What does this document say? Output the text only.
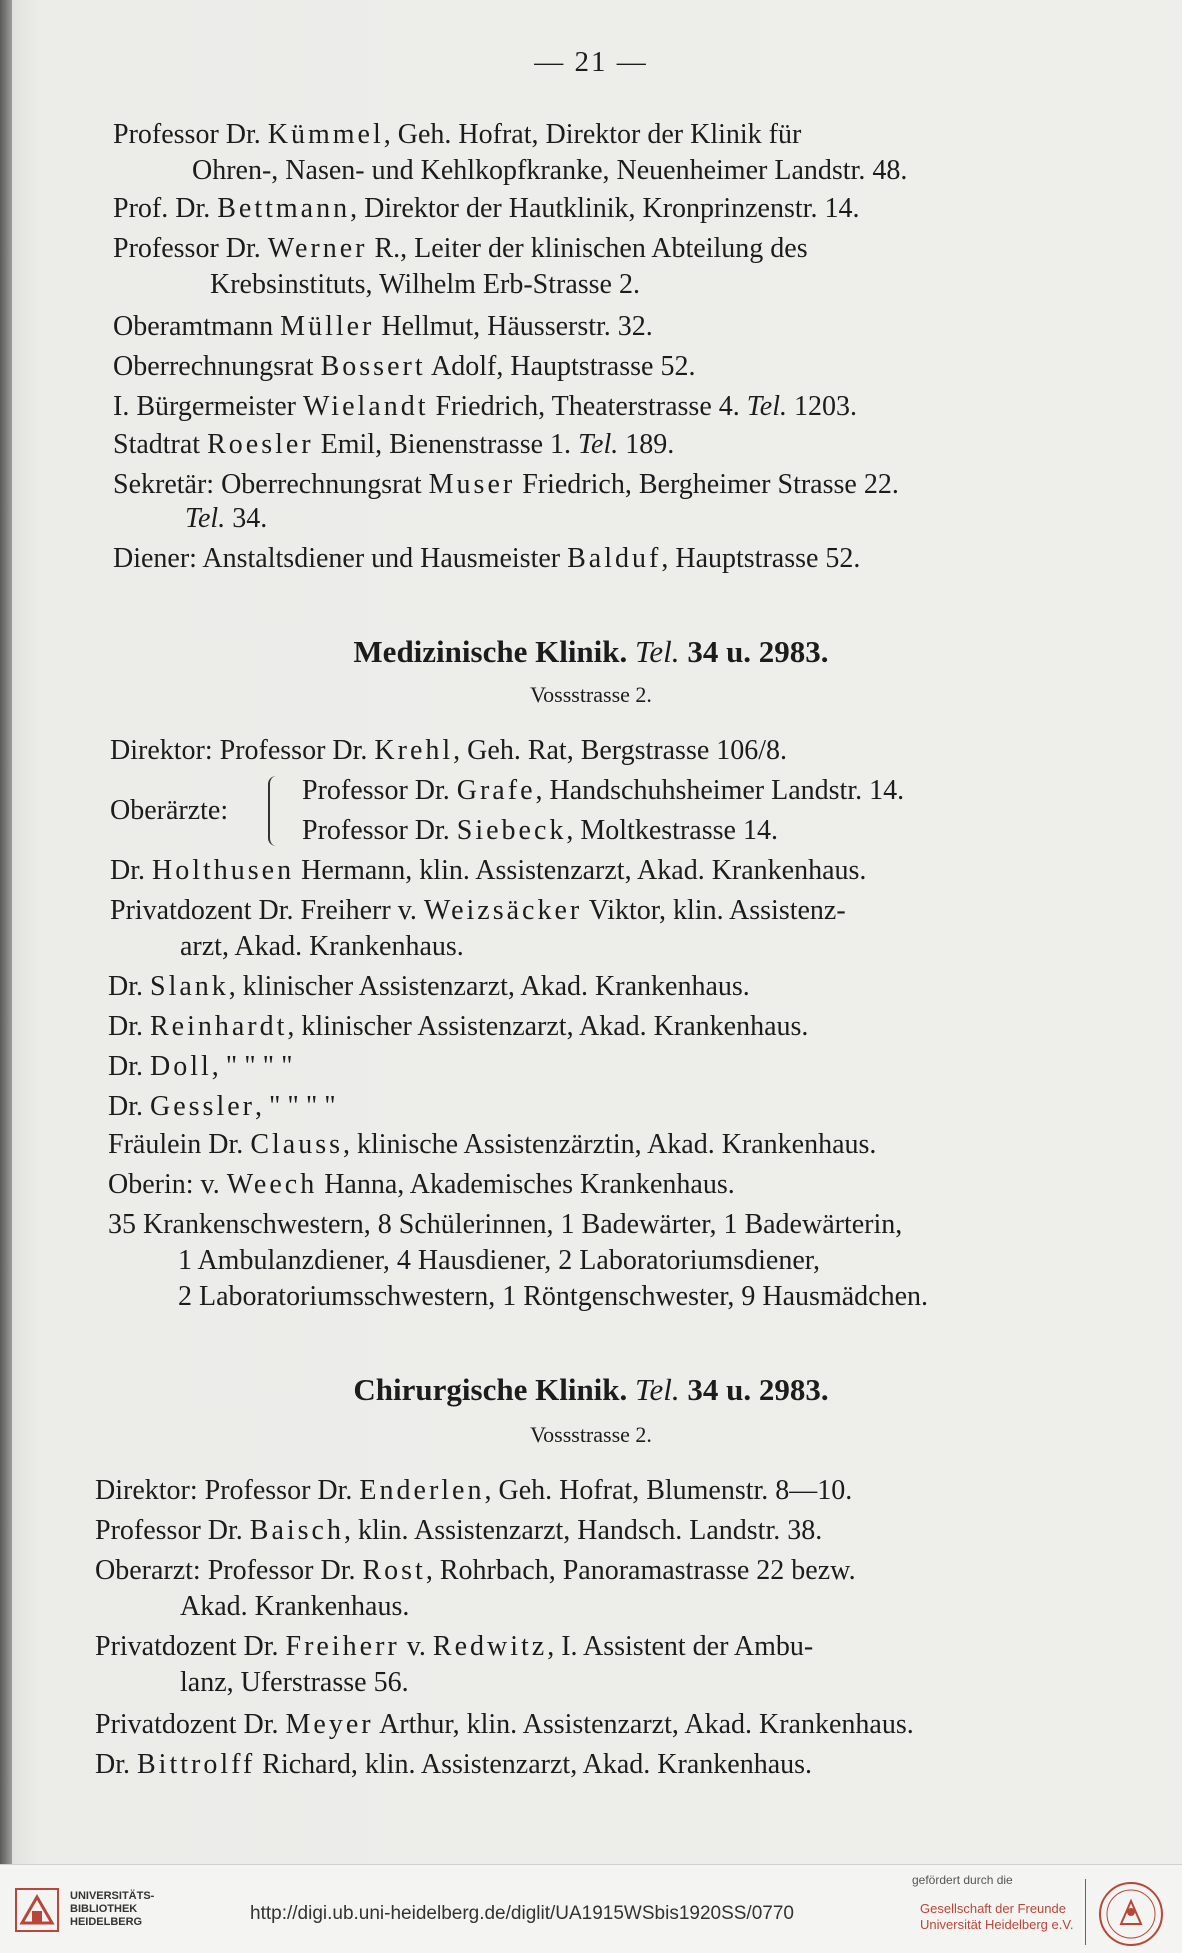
— 21 —
Professor Dr. Kümmel, Geh. Hofrat, Direktor der Klinik für
Ohren-, Nasen- und Kehlkopfkranke, Neuenheimer Landstr. 48.
Prof. Dr. Bettmann, Direktor der Hautklinik, Kronprinzenstr. 14.
Professor Dr. Werner R., Leiter der klinischen Abteilung des
Krebsinstituts, Wilhelm Erb-Strasse 2.
Oberamtmann Müller Hellmut, Häusserstr. 32.
Oberrechnungsrat Bossert Adolf, Hauptstrasse 52.
I. Bürgermeister Wielandt Friedrich, Theaterstrasse 4. Tel. 1203.
Stadtrat Roesler Emil, Bienenstrasse 1. Tel. 189.
Sekretär: Oberrechnungsrat Muser Friedrich, Bergheimer Strasse 22.
Tel. 34.
Diener: Anstaltsdiener und Hausmeister Balduf, Hauptstrasse 52.
Medizinische Klinik. Tel. 34 u. 2983.
Vossstrasse 2.
Direktor: Professor Dr. Krehl, Geh. Rat, Bergstrasse 106/8.
Oberärzte:
Professor Dr. Grafe, Handschuhsheimer Landstr. 14.
Professor Dr. Siebeck, Moltkestrasse 14.
Dr. Holthusen Hermann, klin. Assistenzarzt, Akad. Krankenhaus.
Privatdozent Dr. Freiherr v. Weizsäcker Viktor, klin. Assistenz-
arzt, Akad. Krankenhaus.
Dr. Slank, klinischer Assistenzarzt, Akad. Krankenhaus.
Dr. Reinhardt, klinischer Assistenzarzt, Akad. Krankenhaus.
Dr. Doll, " " " "
Dr. Gessler, " " " "
Fräulein Dr. Clauss, klinische Assistenzärztin, Akad. Krankenhaus.
Oberin: v. Weech Hanna, Akademisches Krankenhaus.
35 Krankenschwestern, 8 Schülerinnen, 1 Badewärter, 1 Badewärterin,
1 Ambulanzdiener, 4 Hausdiener, 2 Laboratoriumsdiener,
2 Laboratoriumsschwestern, 1 Röntgenschwester, 9 Hausmädchen.
Chirurgische Klinik. Tel. 34 u. 2983.
Vossstrasse 2.
Direktor: Professor Dr. Enderlen, Geh. Hofrat, Blumenstr. 8—10.
Professor Dr. Baisch, klin. Assistenzarzt, Handsch. Landstr. 38.
Oberarzt: Professor Dr. Rost, Rohrbach, Panoramastrasse 22 bezw.
Akad. Krankenhaus.
Privatdozent Dr. Freiherr v. Redwitz, I. Assistent der Ambu-
lanz, Uferstrasse 56.
Privatdozent Dr. Meyer Arthur, klin. Assistenzarzt, Akad. Krankenhaus.
Dr. Bittrolff Richard, klin. Assistenzarzt, Akad. Krankenhaus.
UNIVERSITÄTS-
BIBLIOTHEK
HEIDELBERG	http://digi.ub.uni-heidelberg.de/diglit/UA1915WSbis1920SS/0770
gefördert durch die
Gesellschaft der Freunde
Universität Heidelberg e.V.
